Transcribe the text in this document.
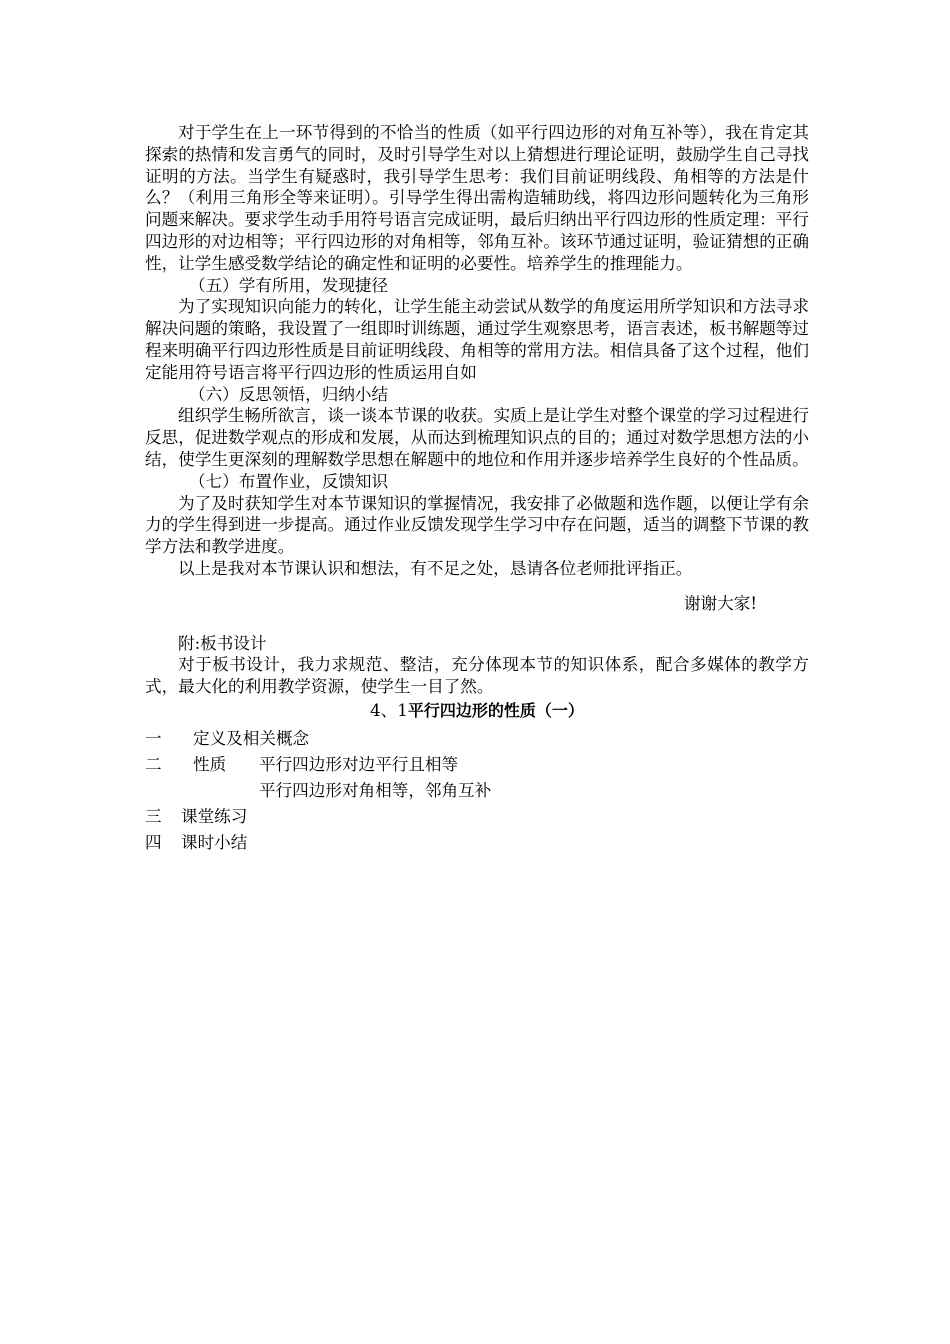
对于学生在上一环节得到的不恰当的性质（如平行四边形的对角互补等），我在肯定其探索的热情和发言勇气的同时，及时引导学生对以上猜想进行理论证明，鼓励学生自己寻找证明的方法。当学生有疑惑时，我引导学生思考：我们目前证明线段、角相等的方法是什么？（利用三角形全等来证明）。引导学生得出需构造辅助线，将四边形问题转化为三角形问题来解决。要求学生动手用符号语言完成证明，最后归纳出平行四边形的性质定理：平行四边形的对边相等；平行四边形的对角相等，邻角互补。该环节通过证明，验证猜想的正确性，让学生感受数学结论的确定性和证明的必要性。培养学生的推理能力。

（五）学有所用，发现捷径

为了实现知识向能力的转化，让学生能主动尝试从数学的角度运用所学知识和方法寻求解决问题的策略，我设置了一组即时训练题，通过学生观察思考，语言表述，板书解题等过程来明确平行四边形性质是目前证明线段、角相等的常用方法。相信具备了这个过程，他们定能用符号语言将平行四边形的性质运用自如

（六）反思领悟，归纳小结

组织学生畅所欲言，谈一谈本节课的收获。实质上是让学生对整个课堂的学习过程进行反思，促进数学观点的形成和发展，从而达到梳理知识点的目的；通过对数学思想方法的小结，使学生更深刻的理解数学思想在解题中的地位和作用并逐步培养学生良好的个性品质。

（七）布置作业，反馈知识

为了及时获知学生对本节课知识的掌握情况，我安排了必做题和选作题，以便让学有余力的学生得到进一步提高。通过作业反馈发现学生学习中存在问题，适当的调整下节课的教学方法和教学进度。

以上是我对本节课认识和想法，有不足之处，恳请各位老师批评指正。

谢谢大家!

附:板书设计

对于板书设计，我力求规范、整洁，充分体现本节的知识体系，配合多媒体的教学方式，最大化的利用教学资源，使学生一目了然。

4、1平行四边形的性质（一）

一	定义及相关概念
二	性质	平行四边形对边平行且相等
平行四边形对角相等，邻角互补
三	课堂练习
四	课时小结
